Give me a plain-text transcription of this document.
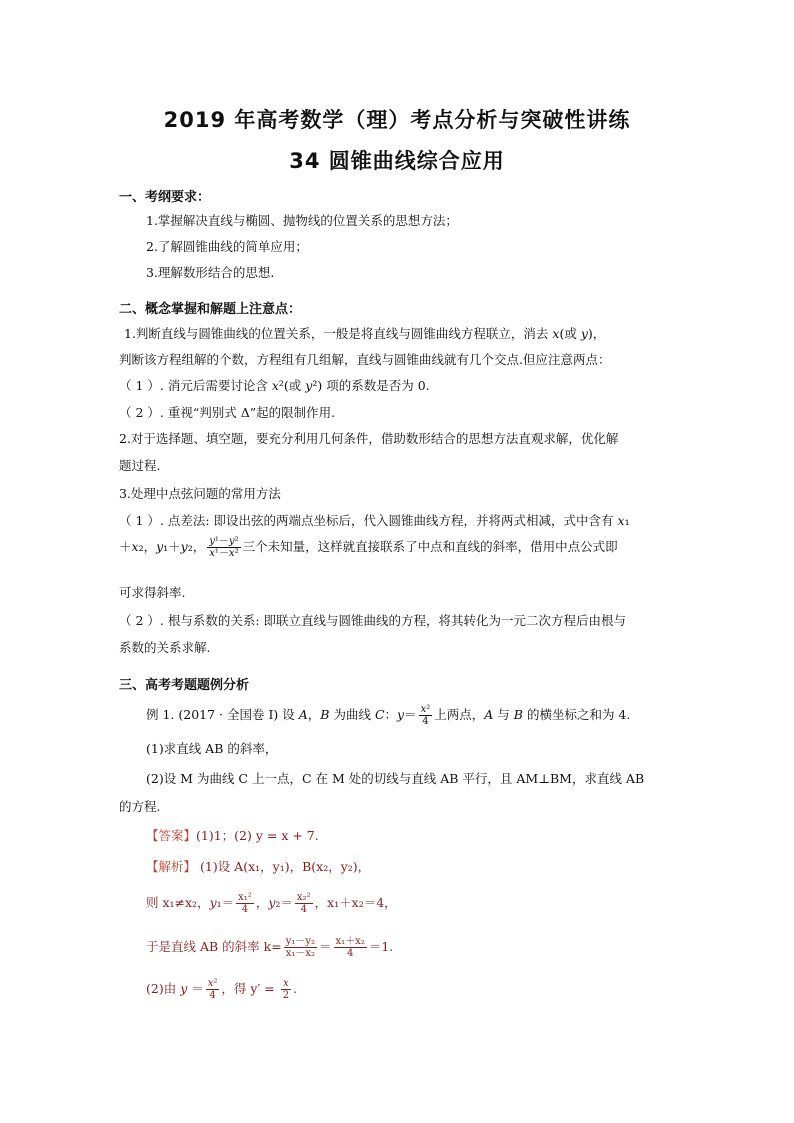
2019 年高考数学（理）考点分析与突破性讲练
34 圆锥曲线综合应用
一、考纲要求：
1.掌握解决直线与椭圆、抛物线的位置关系的思想方法；
2.了解圆锥曲线的简单应用；
3.理解数形结合的思想.
二、概念掌握和解题上注意点：
1.判断直线与圆锥曲线的位置关系，一般是将直线与圆锥曲线方程联立，消去 x(或 y)，
判断该方程组解的个数，方程组有几组解，直线与圆锥曲线就有几个交点.但应注意两点：
（ 1 ）. 消元后需要讨论含 x²(或 y²) 项的系数是否为 0.
（ 2 ）. 重视“判别式 Δ”起的限制作用.
2.对于选择题、填空题，要充分利用几何条件，借助数形结合的思想方法直观求解，优化解
题过程.
3.处理中点弦问题的常用方法
（ 1 ）. 点差法: 即设出弦的两端点坐标后，代入圆锥曲线方程，并将两式相减，式中含有 x₁
＋x₂，y₁＋y₂， $\frac{\text{y¹－y²}}{\text{x¹－x²}}$ 三个未知量，这样就直接联系了中点和直线的斜率，借用中点公式即
可求得斜率.
（ 2 ）. 根与系数的关系: 即联立直线与圆锥曲线的方程，将其转化为一元二次方程后由根与
系数的关系求解.
三、高考考题题例分析
例 1. (2017 · 全国卷 Ⅰ) 设 A，B 为曲线 C：$y= \frac{\text{x²}}{4}$ 上两点，A 与 B 的横坐标之和为 4.
(1)求直线 AB 的斜率，
(2)设 M 为曲线 C 上一点，C 在 M 处的切线与直线 AB 平行，且 AM⊥BM，求直线 AB
的方程.
【答案】(1)1；(2) y = x + 7.
【解析】 (1)设 A(x₁，y₁)，B(x₂，y₂)，
则 x₁≠x₂，$y_1= \frac{\text{x₁²}}{4}$ ，$y_2= \frac{\text{x₂²}}{4}$ ，x₁＋x₂＝4，
于是直线 AB 的斜率 $k= \frac{\text{y₁－y₂}}{\text{x₁－x₂}} = \frac{\text{x₁＋x₂}}{4} =1$.
(2)由 $y = \frac{\text{x²}}{4}$ ，得 $y' = \frac{x}{2}$ .
